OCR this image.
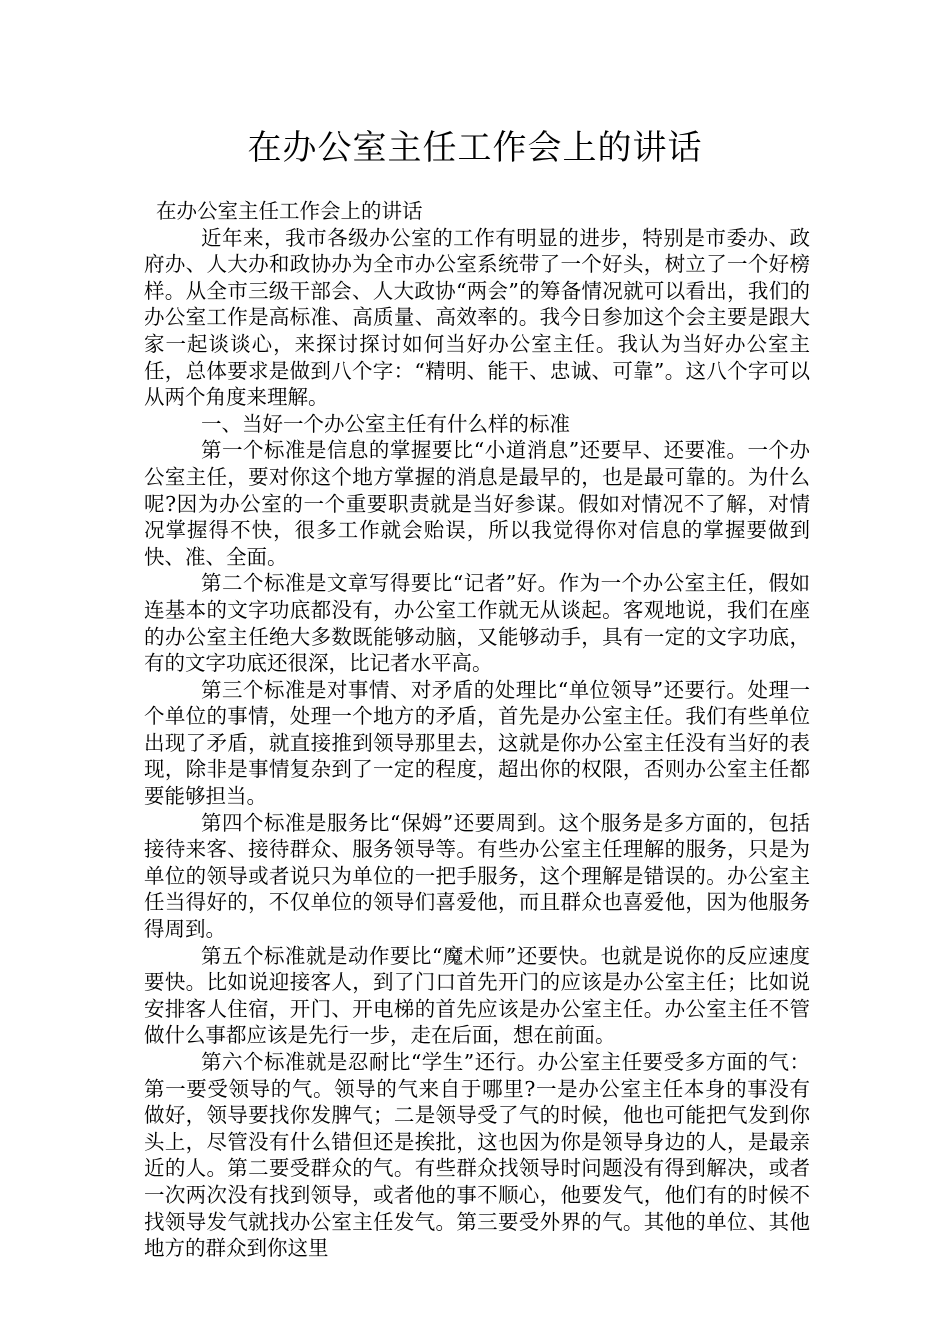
在办公室主任工作会上的讲话

在办公室主任工作会上的讲话

近年来，我市各级办公室的工作有明显的进步，特别是市委办、政府办、人大办和政协办为全市办公室系统带了一个好头，树立了一个好榜样。从全市三级干部会、人大政协“两会”的筹备情况就可以看出，我们的办公室工作是高标准、高质量、高效率的。我今日参加这个会主要是跟大家一起谈谈心，来探讨探讨如何当好办公室主任。我认为当好办公室主任，总体要求是做到八个字：“精明、能干、忠诚、可靠”。这八个字可以从两个角度来理解。

一、当好一个办公室主任有什么样的标准

第一个标准是信息的掌握要比“小道消息”还要早、还要准。一个办公室主任，要对你这个地方掌握的消息是最早的，也是最可靠的。为什么呢?因为办公室的一个重要职责就是当好参谋。假如对情况不了解，对情况掌握得不快，很多工作就会贻误，所以我觉得你对信息的掌握要做到快、准、全面。

第二个标准是文章写得要比“记者”好。作为一个办公室主任，假如连基本的文字功底都没有，办公室工作就无从谈起。客观地说，我们在座的办公室主任绝大多数既能够动脑，又能够动手，具有一定的文字功底，有的文字功底还很深，比记者水平高。

第三个标准是对事情、对矛盾的处理比“单位领导”还要行。处理一个单位的事情，处理一个地方的矛盾，首先是办公室主任。我们有些单位出现了矛盾，就直接推到领导那里去，这就是你办公室主任没有当好的表现，除非是事情复杂到了一定的程度，超出你的权限，否则办公室主任都要能够担当。

第四个标准是服务比“保姆”还要周到。这个服务是多方面的，包括接待来客、接待群众、服务领导等。有些办公室主任理解的服务，只是为单位的领导或者说只为单位的一把手服务，这个理解是错误的。办公室主任当得好的，不仅单位的领导们喜爱他，而且群众也喜爱他，因为他服务得周到。

第五个标准就是动作要比“魔术师”还要快。也就是说你的反应速度要快。比如说迎接客人，到了门口首先开门的应该是办公室主任；比如说安排客人住宿，开门、开电梯的首先应该是办公室主任。办公室主任不管做什么事都应该是先行一步，走在后面，想在前面。

第六个标准就是忍耐比“学生”还行。办公室主任要受多方面的气：第一要受领导的气。领导的气来自于哪里?一是办公室主任本身的事没有做好，领导要找你发脾气；二是领导受了气的时候，他也可能把气发到你头上，尽管没有什么错但还是挨批，这也因为你是领导身边的人，是最亲近的人。第二要受群众的气。有些群众找领导时问题没有得到解决，或者一次两次没有找到领导，或者他的事不顺心，他要发气，他们有的时候不找领导发气就找办公室主任发气。第三要受外界的气。其他的单位、其他地方的群众到你这里
